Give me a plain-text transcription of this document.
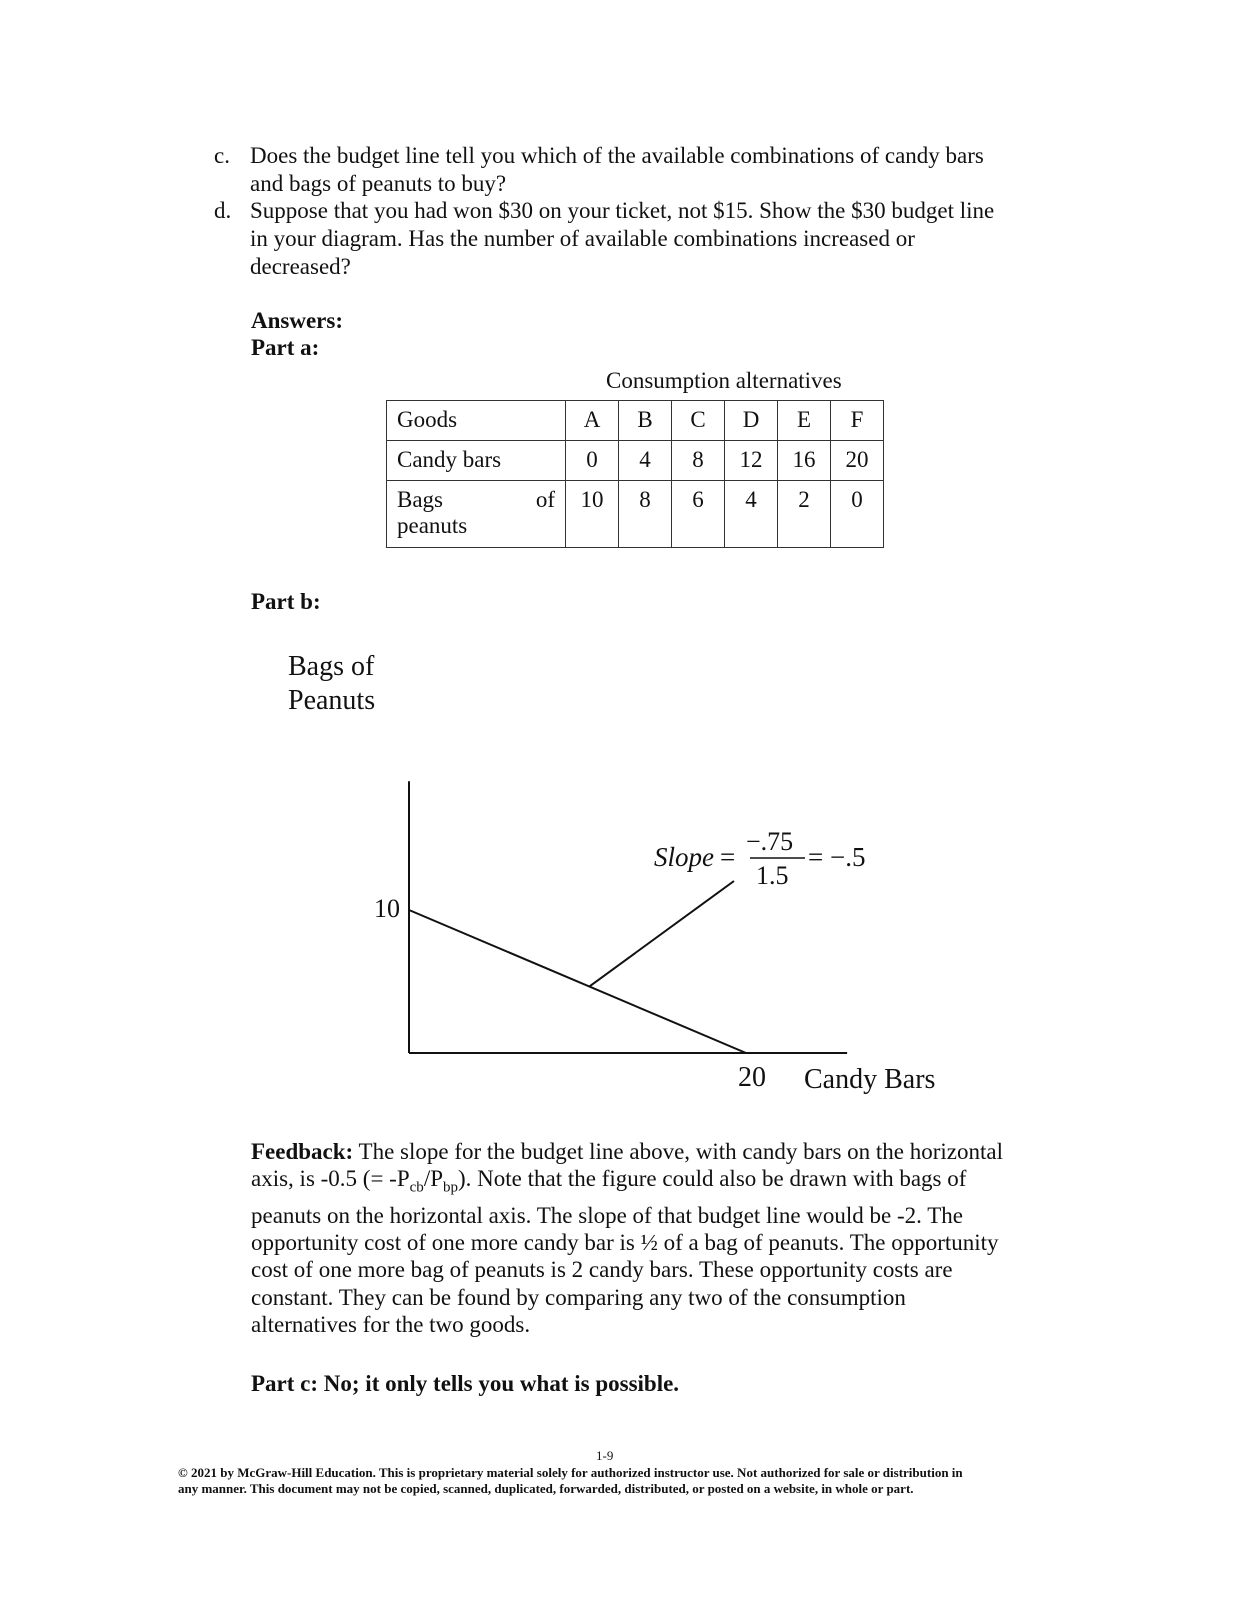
c. Does the budget line tell you which of the available combinations of candy bars
and bags of peanuts to buy?
d. Suppose that you had won $30 on your ticket, not $15. Show the $30 budget line
in your diagram. Has the number of available combinations increased or
decreased?
Answers:
Part a:
Consumption alternatives
Goods	A	B	C	D	E	F
Candy bars	0	4	8	12	16	20

Bags of
peanuts	10	8	6	4	2	0
Part b:
Bags of
Peanuts
10
20 Candy Bars
Slope =
−.75
1.5
= −.5
Feedback: The slope for the budget line above, with candy bars on the horizontal
axis, is -0.5 (= $-P_{cb}/P_{bp}$). Note that the figure could also be drawn with bags of
peanuts on the horizontal axis. The slope of that budget line would be -2. The
opportunity cost of one more candy bar is ½ of a bag of peanuts. The opportunity
cost of one more bag of peanuts is 2 candy bars. These opportunity costs are
constant. They can be found by comparing any two of the consumption
alternatives for the two goods.
Part c: No; it only tells you what is possible.
1-9
© 2021 by McGraw-Hill Education. This is proprietary material solely for authorized instructor use. Not authorized for sale or distribution in
any manner. This document may not be copied, scanned, duplicated, forwarded, distributed, or posted on a website, in whole or part.
